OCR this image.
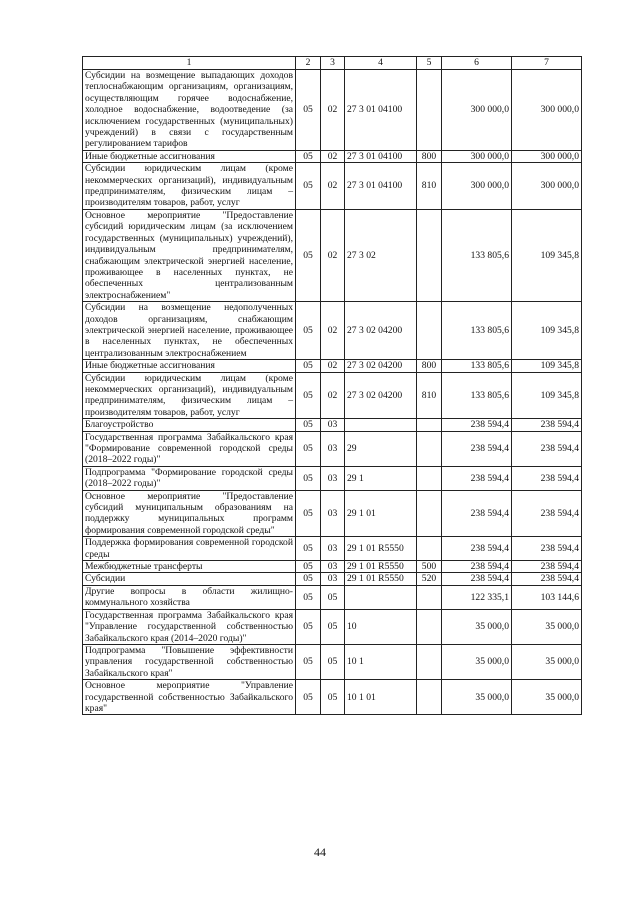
1	2	3	4	5	6	7
Субсидии на возмещение выпадающих доходов теплоснабжающим организациям, организациям, осуществляющим горячее водоснабжение, холодное водоснабжение, водоотведение (за исключением государственных (муниципальных) учреждений) в связи с государственным регулированием тарифов	05	02	27 3 01 04100		300 000,0	300 000,0
Иные бюджетные ассигнования	05	02	27 3 01 04100	800	300 000,0	300 000,0
Субсидии юридическим лицам (кроме некоммерческих организаций), индивидуальным предпринимателям, физическим лицам – производителям товаров, работ, услуг	05	02	27 3 01 04100	810	300 000,0	300 000,0
Основное мероприятие "Предоставление субсидий юридическим лицам (за исключением государственных (муниципальных) учреждений), индивидуальным предпринимателям, снабжающим электрической энергией население, проживающее в населенных пунктах, не обеспеченных централизованным электроснабжением"	05	02	27 3 02		133 805,6	109 345,8
Субсидии на возмещение недополученных доходов организациям, снабжающим электрической энергией население, проживающее в населенных пунктах, не обеспеченных централизованным электроснабжением	05	02	27 3 02 04200		133 805,6	109 345,8
Иные бюджетные ассигнования	05	02	27 3 02 04200	800	133 805,6	109 345,8
Субсидии юридическим лицам (кроме некоммерческих организаций), индивидуальным предпринимателям, физическим лицам – производителям товаров, работ, услуг	05	02	27 3 02 04200	810	133 805,6	109 345,8
Благоустройство	05	03			238 594,4	238 594,4
Государственная программа Забайкальского края "Формирование современной городской среды (2018–2022 годы)"	05	03	29		238 594,4	238 594,4
Подпрограмма "Формирование городской среды (2018–2022 годы)"	05	03	29 1		238 594,4	238 594,4
Основное мероприятие "Предоставление субсидий муниципальным образованиям на поддержку муниципальных программ формирования современной городской среды"	05	03	29 1 01		238 594,4	238 594,4
Поддержка формирования современной городской среды	05	03	29 1 01 R5550		238 594,4	238 594,4
Межбюджетные трансферты	05	03	29 1 01 R5550	500	238 594,4	238 594,4
Субсидии	05	03	29 1 01 R5550	520	238 594,4	238 594,4
Другие вопросы в области жилищно-коммунального хозяйства	05	05			122 335,1	103 144,6
Государственная программа Забайкальского края "Управление государственной собственностью Забайкальского края (2014–2020 годы)"	05	05	10		35 000,0	35 000,0
Подпрограмма "Повышение эффективности управления государственной собственностью Забайкальского края"	05	05	10 1		35 000,0	35 000,0
Основное мероприятие "Управление государственной собственностью Забайкальского края"	05	05	10 1 01		35 000,0	35 000,0
44
